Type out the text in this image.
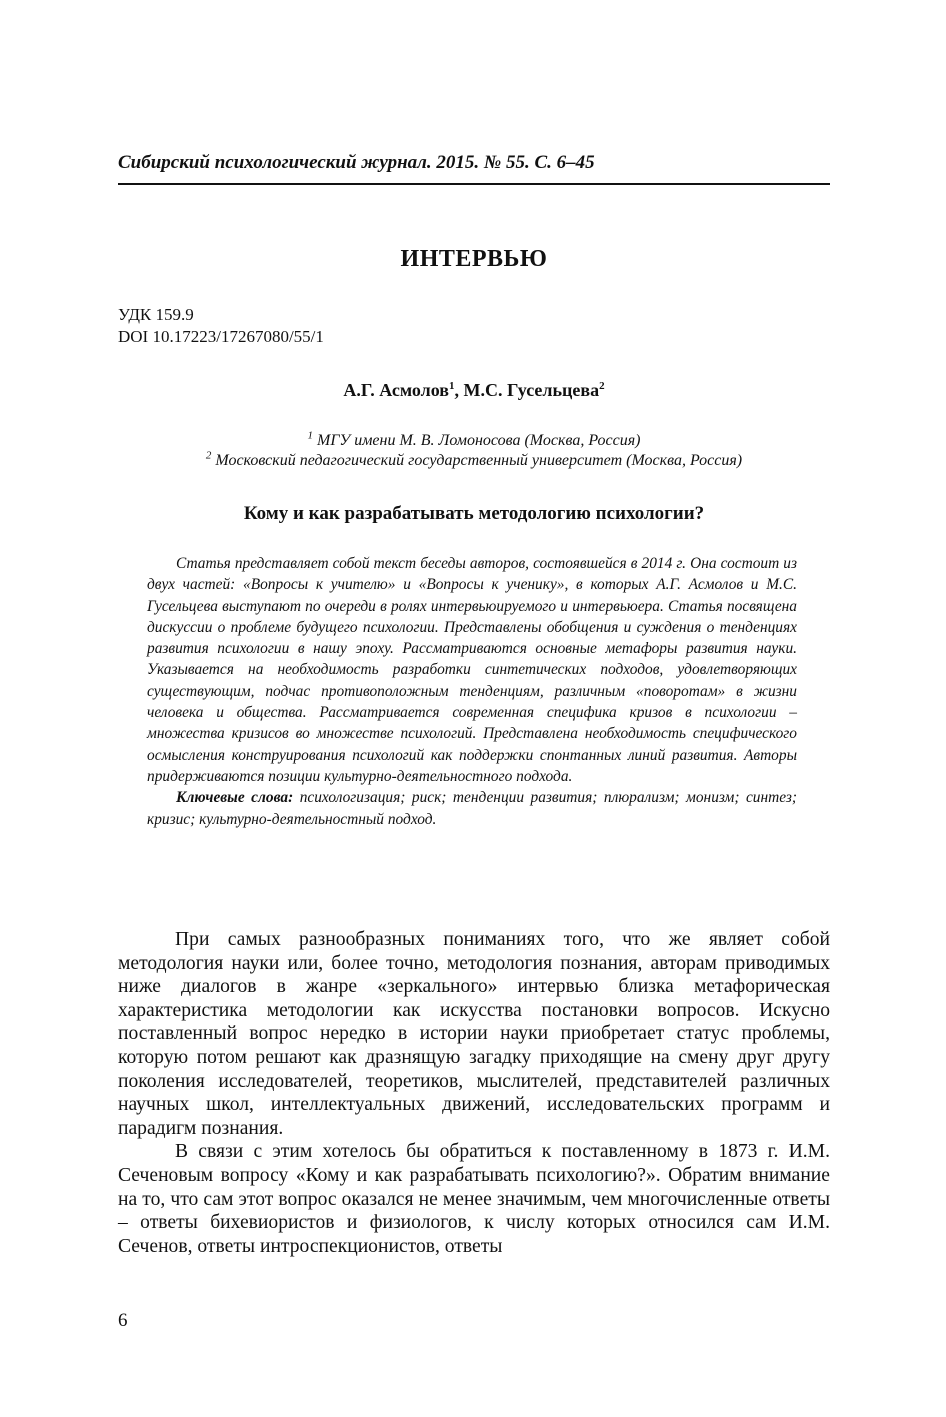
Сибирский психологический журнал. 2015. № 55. С. 6–45
ИНТЕРВЬЮ
УДК 159.9
DOI 10.17223/17267080/55/1
А.Г. Асмолов$^1$, М.С. Гусельцева$^2$
$^1$ МГУ имени М. В. Ломоносова (Москва, Россия)
$^2$ Московский педагогический государственный университет (Москва, Россия)
Кому и как разрабатывать методологию психологии?

Статья представляет собой текст беседы авторов, состоявшейся в 2014 г. Она состоит из двух частей: «Вопросы к учителю» и «Вопросы к ученику», в которых А.Г. Асмолов и М.С. Гусельцева выступают по очереди в ролях интервьюируемого и интервьюера. Статья посвящена дискуссии о проблеме будущего психологии. Представлены обобщения и суждения о тенденциях развития психологии в нашу эпоху. Рассматриваются основные метафоры развития науки. Указывается на необходимость разработки синтетических подходов, удовлетворяющих существующим, подчас противоположным тенденциям, различным «поворотам» в жизни человека и общества. Рассматривается современная специфика кризов в психологии – множества кризисов во множестве психологий. Представлена необходимость специфического осмысления конструирования психологий как поддержки спонтанных линий развития. Авторы придерживаются позиции культурно-деятельностного подхода.

Ключевые слова: психологизация; риск; тенденции развития; плюрализм; монизм; синтез; кризис; культурно-деятельностный подход.

При самых разнообразных пониманиях того, что же являет собой методология науки или, более точно, методология познания, авторам приводимых ниже диалогов в жанре «зеркального» интервью близка метафорическая характеристика методологии как искусства постановки вопросов. Искусно поставленный вопрос нередко в истории науки приобретает статус проблемы, которую потом решают как дразнящую загадку приходящие на смену друг другу поколения исследователей, теоретиков, мыслителей, представителей различных научных школ, интеллектуальных движений, исследовательских программ и парадигм познания.

В связи с этим хотелось бы обратиться к поставленному в 1873 г. И.М. Сеченовым вопросу «Кому и как разрабатывать психологию?». Обратим внимание на то, что сам этот вопрос оказался не менее значимым, чем многочисленные ответы – ответы бихевиористов и физиологов, к числу которых относился сам И.М. Сеченов, ответы интроспекционистов, ответы

6
